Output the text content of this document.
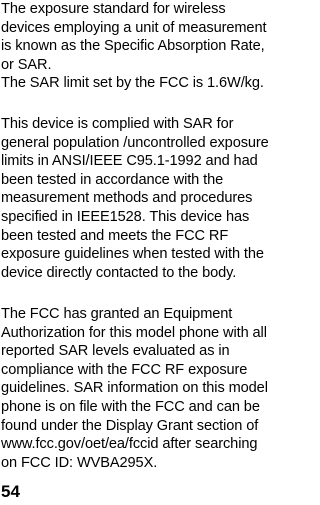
The exposure standard for wireless
devices employing a unit of measurement
is known as the Specific Absorption Rate,
or SAR.
The SAR limit set by the FCC is 1.6W/kg.

This device is complied with SAR for
general population /uncontrolled exposure
limits in ANSI/IEEE C95.1-1992 and had
been tested in accordance with the
measurement methods and procedures
specified in IEEE1528. This device has
been tested and meets the FCC RF
exposure guidelines when tested with the
device directly contacted to the body.

The FCC has granted an Equipment
Authorization for this model phone with all
reported SAR levels evaluated as in
compliance with the FCC RF exposure
guidelines. SAR information on this model
phone is on file with the FCC and can be
found under the Display Grant section of
www.fcc.gov/oet/ea/fccid after searching
on FCC ID: WVBA295X.

54
